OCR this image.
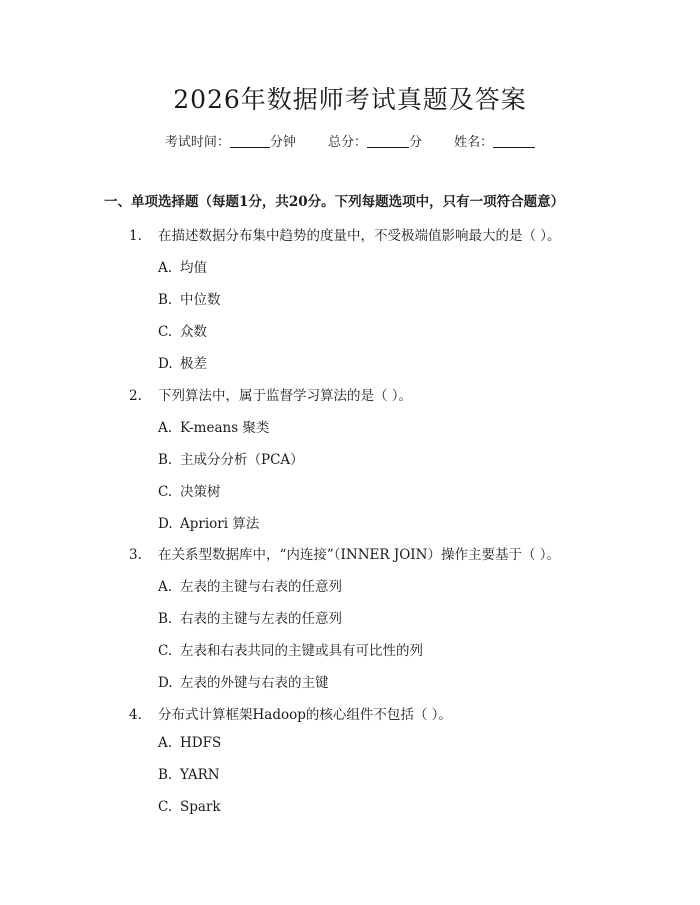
2026年数据师考试真题及答案
考试时间：	分钟 总分：	分 姓名：
一、单项选择题（每题1分，共20分。下列每题选项中，只有一项符合题意）
1. 在描述数据分布集中趋势的度量中，不受极端值影响最大的是（ ）。
A. 均值
B. 中位数
C. 众数
D. 极差
2. 下列算法中，属于监督学习算法的是（ ）。
A. K-means 聚类
B. 主成分分析（PCA）
C. 决策树
D. Apriori 算法
3. 在关系型数据库中，“内连接”（INNER JOIN）操作主要基于（ ）。
A. 左表的主键与右表的任意列
B. 右表的主键与左表的任意列
C. 左表和右表共同的主键或具有可比性的列
D. 左表的外键与右表的主键
4. 分布式计算框架Hadoop的核心组件不包括（ ）。
A. HDFS
B. YARN
C. Spark
